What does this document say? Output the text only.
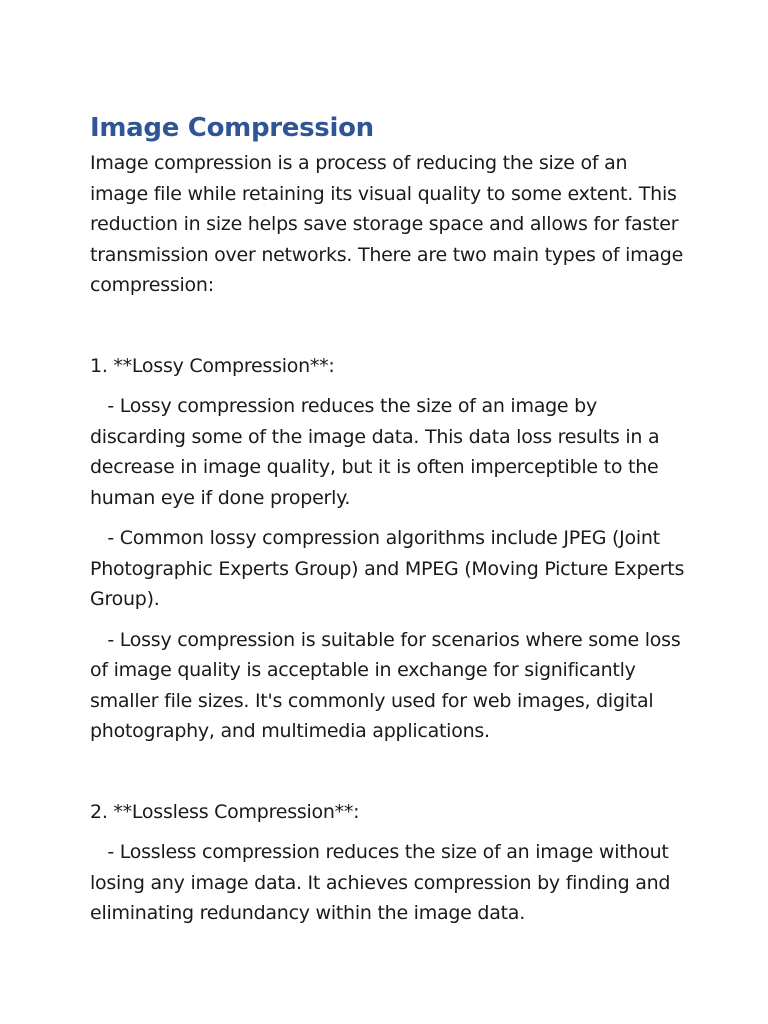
Image Compression

Image compression is a process of reducing the size of an image file while retaining its visual quality to some extent. This reduction in size helps save storage space and allows for faster transmission over networks. There are two main types of image compression:

1. **Lossy Compression**:

- Lossy compression reduces the size of an image by discarding some of the image data. This data loss results in a decrease in image quality, but it is often imperceptible to the human eye if done properly.

- Common lossy compression algorithms include JPEG (Joint Photographic Experts Group) and MPEG (Moving Picture Experts Group).

- Lossy compression is suitable for scenarios where some loss of image quality is acceptable in exchange for significantly smaller file sizes. It's commonly used for web images, digital photography, and multimedia applications.

2. **Lossless Compression**:

- Lossless compression reduces the size of an image without losing any image data. It achieves compression by finding and eliminating redundancy within the image data.
